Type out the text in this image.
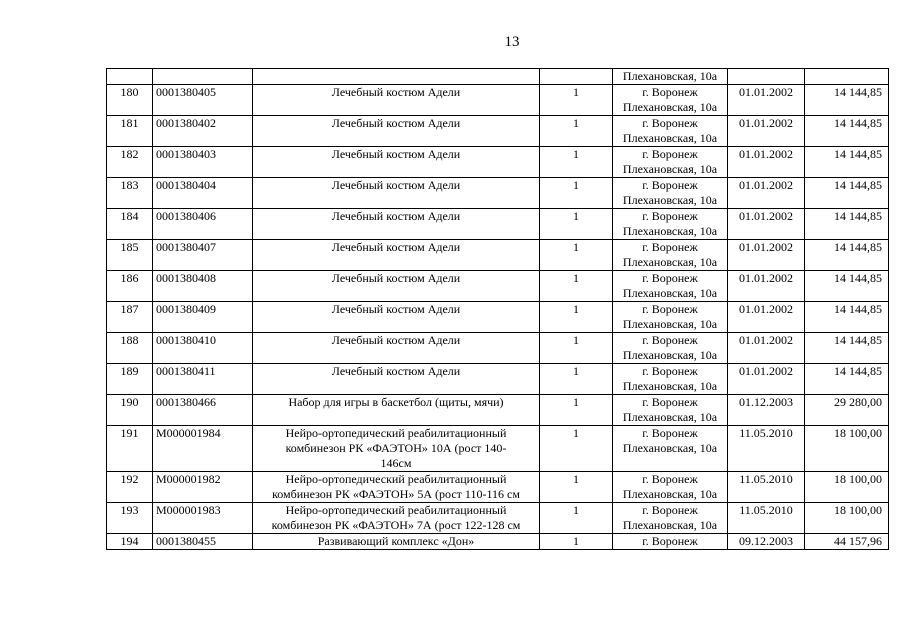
13

				Плехановская, 10а		

180	0001380405	Лечебный костюм Адели	1	г. Воронеж
Плехановская, 10а	01.01.2002	14 144,85
181	0001380402	Лечебный костюм Адели	1	г. Воронеж
Плехановская, 10а	01.01.2002	14 144,85
182	0001380403	Лечебный костюм Адели	1	г. Воронеж
Плехановская, 10а	01.01.2002	14 144,85
183	0001380404	Лечебный костюм Адели	1	г. Воронеж
Плехановская, 10а	01.01.2002	14 144,85
184	0001380406	Лечебный костюм Адели	1	г. Воронеж
Плехановская, 10а	01.01.2002	14 144,85
185	0001380407	Лечебный костюм Адели	1	г. Воронеж
Плехановская, 10а	01.01.2002	14 144,85
186	0001380408	Лечебный костюм Адели	1	г. Воронеж
Плехановская, 10а	01.01.2002	14 144,85
187	0001380409	Лечебный костюм Адели	1	г. Воронеж
Плехановская, 10а	01.01.2002	14 144,85
188	0001380410	Лечебный костюм Адели	1	г. Воронеж
Плехановская, 10а	01.01.2002	14 144,85
189	0001380411	Лечебный костюм Адели	1	г. Воронеж
Плехановская, 10а	01.01.2002	14 144,85
190	0001380466	Набор для игры в баскетбол (щиты, мячи)	1	г. Воронеж
Плехановская, 10а	01.12.2003	29 280,00
191	М000001984	Нейро-ортопедический реабилитационный
комбинезон РК «ФАЭТОН» 10А (рост 140-
146см	1	г. Воронеж
Плехановская, 10а	11.05.2010	18 100,00
192	М000001982	Нейро-ортопедический реабилитационный
комбинезон РК «ФАЭТОН» 5А (рост 110-116 см	1	г. Воронеж
Плехановская, 10а	11.05.2010	18 100,00
193	М000001983	Нейро-ортопедический реабилитационный
комбинезон РК «ФАЭТОН» 7А (рост 122-128 см	1	г. Воронеж
Плехановская, 10а	11.05.2010	18 100,00
194	0001380455	Развивающий комплекс «Дон»	1	г. Воронеж	09.12.2003	44 157,96
